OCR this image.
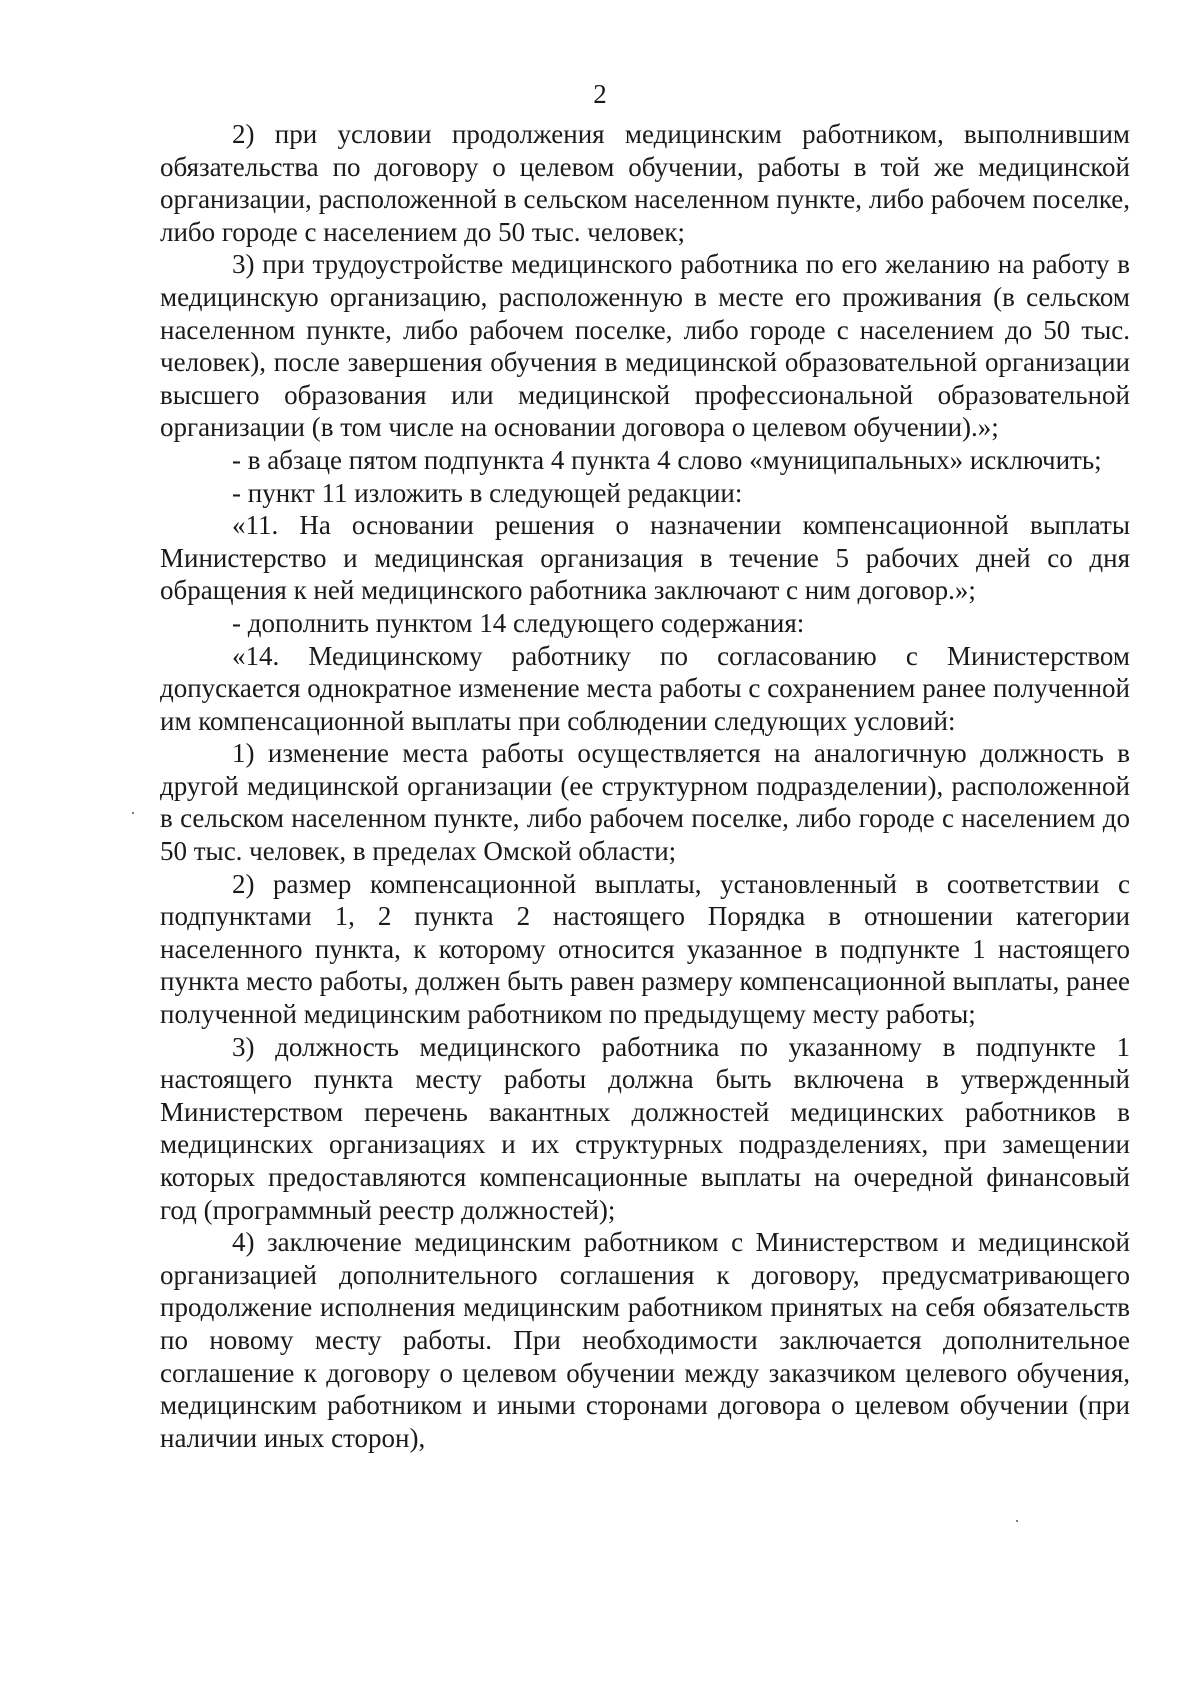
2

2) при условии продолжения медицинским работником, выполнившим обязательства по договору о целевом обучении, работы в той же медицинской организации, расположенной в сельском населенном пункте, либо рабочем поселке, либо городе с населением до 50 тыс. человек;

3) при трудоустройстве медицинского работника по его желанию на работу в медицинскую организацию, расположенную в месте его проживания (в сельском населенном пункте, либо рабочем поселке, либо городе с населением до 50 тыс. человек), после завершения обучения в медицинской образовательной организации высшего образования или медицинской профессиональной образовательной организации (в том числе на основании договора о целевом обучении).»;

- в абзаце пятом подпункта 4 пункта 4 слово «муниципальных» исключить;

- пункт 11 изложить в следующей редакции:

«11. На основании решения о назначении компенсационной выплаты Министерство и медицинская организация в течение 5 рабочих дней со дня обращения к ней медицинского работника заключают с ним договор.»;

- дополнить пунктом 14 следующего содержания:

«14. Медицинскому работнику по согласованию с Министерством допускается однократное изменение места работы с сохранением ранее полученной им компенсационной выплаты при соблюдении следующих условий:

1) изменение места работы осуществляется на аналогичную должность в другой медицинской организации (ее структурном подразделении), расположенной в сельском населенном пункте, либо рабочем поселке, либо городе с населением до 50 тыс. человек, в пределах Омской области;

2) размер компенсационной выплаты, установленный в соответствии с подпунктами 1, 2 пункта 2 настоящего Порядка в отношении категории населенного пункта, к которому относится указанное в подпункте 1 настоящего пункта место работы, должен быть равен размеру компенсационной выплаты, ранее полученной медицинским работником по предыдущему месту работы;

3) должность медицинского работника по указанному в подпункте 1 настоящего пункта месту работы должна быть включена в утвержденный Министерством перечень вакантных должностей медицинских работников в медицинских организациях и их структурных подразделениях, при замещении которых предоставляются компенсационные выплаты на очередной финансовый год (программный реестр должностей);

4) заключение медицинским работником с Министерством и медицинской организацией дополнительного соглашения к договору, предусматривающего продолжение исполнения медицинским работником принятых на себя обязательств по новому месту работы. При необходимости заключается дополнительное соглашение к договору о целевом обучении между заказчиком целевого обучения, медицинским работником и иными сторонами договора о целевом обучении (при наличии иных сторон),
